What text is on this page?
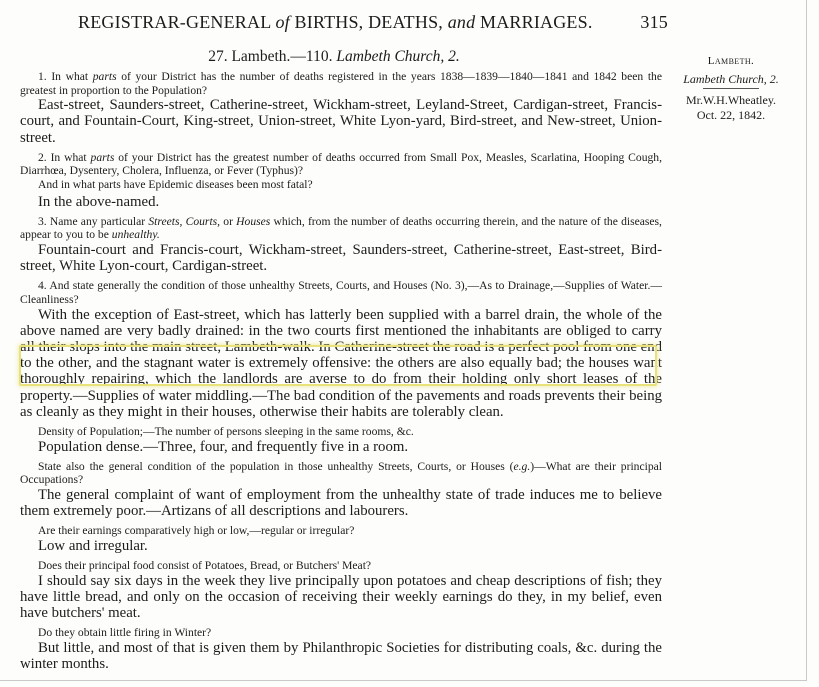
REGISTRAR-GENERAL of BIRTHS, DEATHS, and MARRIAGES.	315
27. Lambeth.—110. Lambeth Church, 2.	Lambeth.
Lambeth Church, 2.
Mr.W.H.Wheatley.
Oct. 22, 1842.

1. In what parts of your District has the number of deaths registered in the years 1838—1839—1840—1841 and 1842 been the greatest in proportion to the Population?

East-street, Saunders-street, Catherine-street, Wickham-street, Leyland-Street, Cardigan-street, Francis-court, and Fountain-Court, King-street, Union-street, White Lyon-yard, Bird-street, and New-street, Union-street.

2. In what parts of your District has the greatest number of deaths occurred from Small Pox, Measles, Scarlatina, Hooping Cough, Diarrhœa, Dysentery, Cholera, Influenza, or Fever (Typhus)?

And in what parts have Epidemic diseases been most fatal?

In the above-named.

3. Name any particular Streets, Courts, or Houses which, from the number of deaths occurring therein, and the nature of the diseases, appear to you to be unhealthy.

Fountain-court and Francis-court, Wickham-street, Saunders-street, Catherine-street, East-street, Bird-street, White Lyon-court, Cardigan-street.

4. And state generally the condition of those unhealthy Streets, Courts, and Houses (No. 3),—As to Drainage,—Supplies of Water.—Cleanliness?

With the exception of East-street, which has latterly been supplied with a barrel drain, the whole of the above named are very badly drained: in the two courts first mentioned the inhabitants are obliged to carry all their slops into the main street, Lambeth-walk. In Catherine-street the road is a perfect pool from one end to the other, and the stagnant water is extremely offensive: the others are also equally bad; the houses want thoroughly repairing, which the landlords are averse to do from their holding only short leases of the property.—Supplies of water middling.—The bad condition of the pavements and roads prevents their being as cleanly as they might in their houses, otherwise their habits are tolerably clean.

Density of Population;—The number of persons sleeping in the same rooms, &c.

Population dense.—Three, four, and frequently five in a room.

State also the general condition of the population in those unhealthy Streets, Courts, or Houses (e.g.)—What are their principal Occupations?

The general complaint of want of employment from the unhealthy state of trade induces me to believe them extremely poor.—Artizans of all descriptions and labourers.

Are their earnings comparatively high or low,—regular or irregular?

Low and irregular.

Does their principal food consist of Potatoes, Bread, or Butchers' Meat?

I should say six days in the week they live principally upon potatoes and cheap descriptions of fish; they have little bread, and only on the occasion of receiving their weekly earnings do they, in my belief, even have butchers' meat.

Do they obtain little firing in Winter?

But little, and most of that is given them by Philanthropic Societies for distributing coals, &c. during the winter months.
